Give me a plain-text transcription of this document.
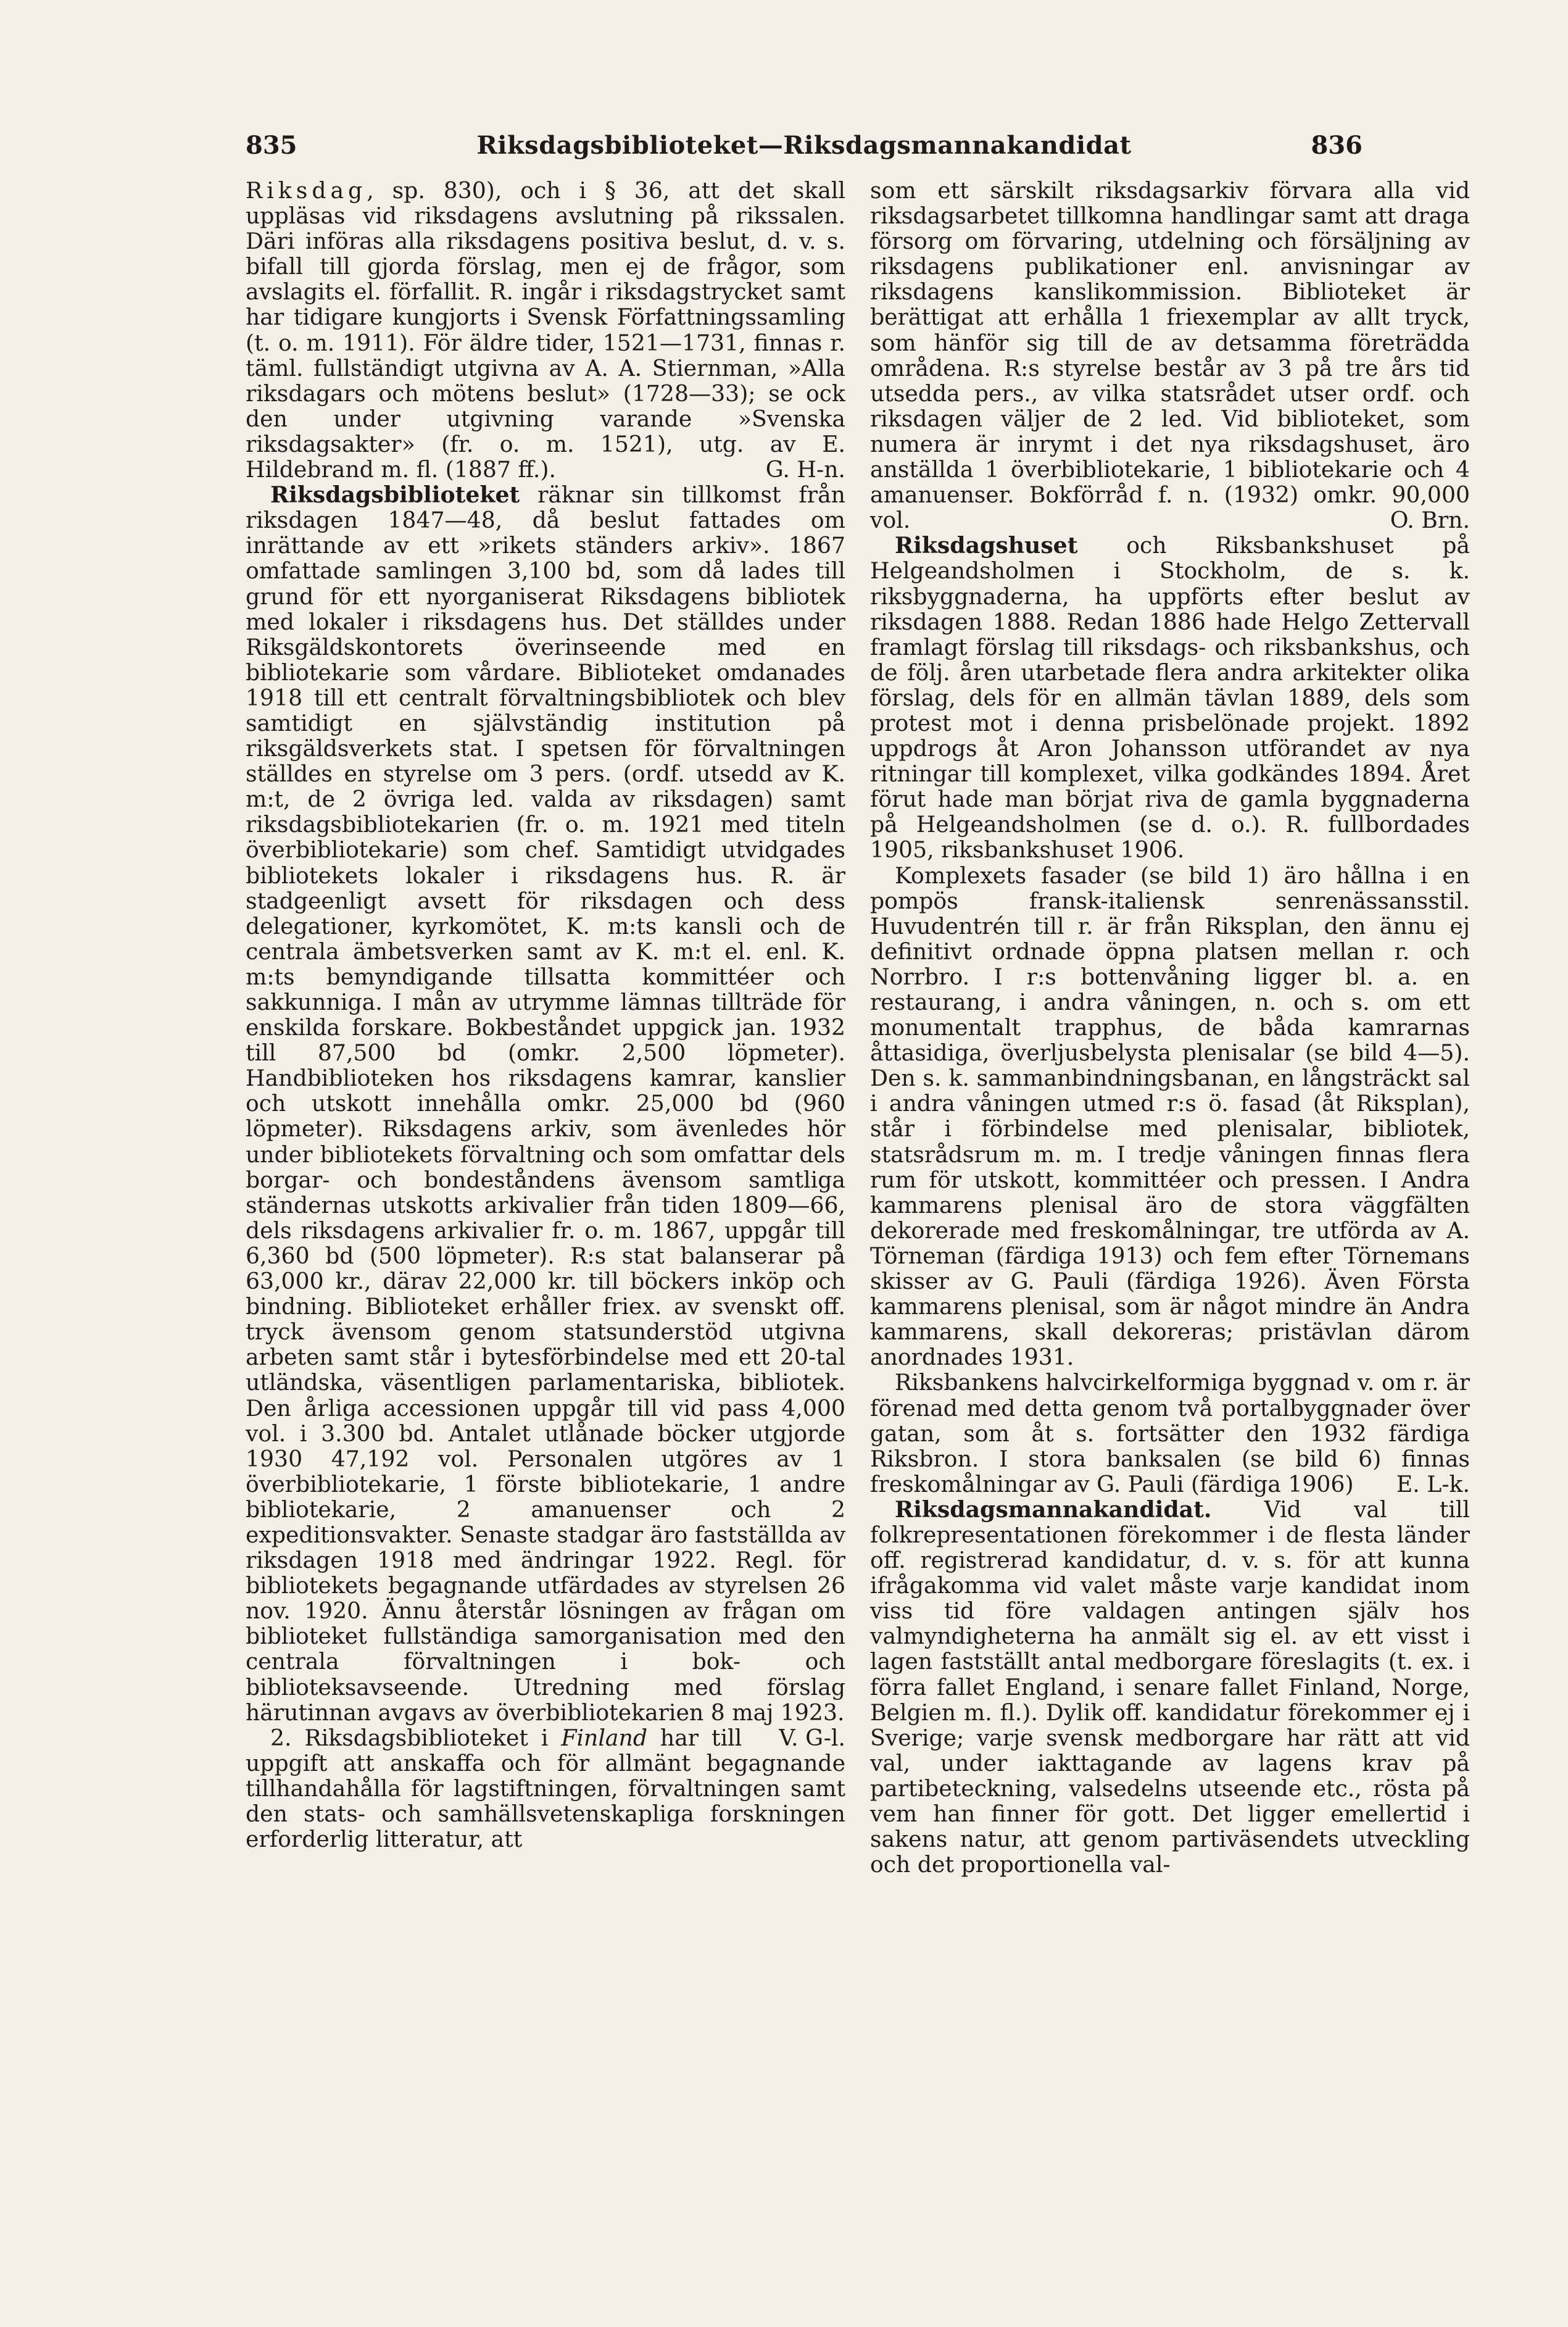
835	Riksdagsbiblioteket—Riksdagsmannakandidat	836

Riksdag, sp. 830), och i § 36, att det skall uppläsas vid riksdagens avslutning på rikssalen. Däri införas alla riksdagens positiva beslut, d. v. s. bifall till gjorda förslag, men ej de frågor, som avslagits el. förfallit. R. ingår i riksdagstrycket samt har tidigare kungjorts i Svensk Författningssamling (t. o. m. 1911). För äldre tider, 1521—1731, finnas r. täml. fullständigt utgivna av A. A. Stiernman, »Alla riksdagars och mötens beslut» (1728—33); se ock den under utgivning varande »Svenska riksdagsakter» (fr. o. m. 1521), utg. av E. Hildebrand m. fl. (1887 ff.).	G. H-n.

Riksdagsbiblioteket räknar sin tillkomst från riksdagen 1847—48, då beslut fattades om inrättande av ett »rikets ständers arkiv». 1867 omfattade samlingen 3,100 bd, som då lades till grund för ett nyorganiserat Riksdagens bibliotek med lokaler i riksdagens hus. Det ställdes under Riksgäldskontorets överinseende med en bibliotekarie som vårdare. Biblioteket omdanades 1918 till ett centralt förvaltningsbibliotek och blev samtidigt en självständig institution på riksgäldsverkets stat. I spetsen för förvaltningen ställdes en styrelse om 3 pers. (ordf. utsedd av K. m:t, de 2 övriga led. valda av riksdagen) samt riksdagsbibliotekarien (fr. o. m. 1921 med titeln överbibliotekarie) som chef. Samtidigt utvidgades bibliotekets lokaler i riksdagens hus. R. är stadgeenligt avsett för riksdagen och dess delegationer, kyrkomötet, K. m:ts kansli och de centrala ämbetsverken samt av K. m:t el. enl. K. m:ts bemyndigande tillsatta kommittéer och sakkunniga. I mån av utrymme lämnas tillträde för enskilda forskare. Bokbeståndet uppgick jan. 1932 till 87,500 bd (omkr. 2,500 löpmeter). Handbiblioteken hos riksdagens kamrar, kanslier och utskott innehålla omkr. 25,000 bd (960 löpmeter). Riksdagens arkiv, som ävenledes hör under bibliotekets förvaltning och som omfattar dels borgar- och bondeståndens ävensom samtliga ständernas utskotts arkivalier från tiden 1809—66, dels riksdagens arkivalier fr. o. m. 1867, uppgår till 6,360 bd (500 löpmeter). R:s stat balanserar på 63,000 kr., därav 22,000 kr. till böckers inköp och bindning. Biblioteket erhåller friex. av svenskt off. tryck ävensom genom statsunderstöd utgivna arbeten samt står i bytesförbindelse med ett 20-tal utländska, väsentligen parlamentariska, bibliotek. Den årliga accessionen uppgår till vid pass 4,000 vol. i 3.300 bd. Antalet utlånade böcker utgjorde 1930 47,192 vol. Personalen utgöres av 1 överbibliotekarie, 1 förste bibliotekarie, 1 andre bibliotekarie, 2 amanuenser och 2 expeditionsvakter. Senaste stadgar äro fastställda av riksdagen 1918 med ändringar 1922. Regl. för bibliotekets begagnande utfärdades av styrelsen 26 nov. 1920. Ännu återstår lösningen av frågan om biblioteket fullständiga samorganisation med den centrala förvaltningen i bok- och biblioteksavseende. Utredning med förslag härutinnan avgavs av överbibliotekarien 8 maj 1923.
V. G-l.

2. Riksdagsbiblioteket i Finland har till uppgift att anskaffa och för allmänt begagnande tillhandahålla för lagstiftningen, förvaltningen samt den stats- och samhällsvetenskapliga forskningen erforderlig litteratur, att

som ett särskilt riksdagsarkiv förvara alla vid riksdagsarbetet tillkomna handlingar samt att draga försorg om förvaring, utdelning och försäljning av riksdagens publikationer enl. anvisningar av riksdagens kanslikommission. Biblioteket är berättigat att erhålla 1 friexemplar av allt tryck, som hänför sig till de av detsamma företrädda områdena. R:s styrelse består av 3 på tre års tid utsedda pers., av vilka statsrådet utser ordf. och riksdagen väljer de 2 led. Vid biblioteket, som numera är inrymt i det nya riksdagshuset, äro anställda 1 överbibliotekarie, 1 bibliotekarie och 4 amanuenser. Bokförråd f. n. (1932) omkr. 90,000 vol.	O. Brn.

Riksdagshuset och Riksbankshuset på Helgeandsholmen i Stockholm, de s. k. riksbyggnaderna, ha uppförts efter beslut av riksdagen 1888. Redan 1886 hade Helgo Zettervall framlagt förslag till riksdags- och riksbankshus, och de följ. åren utarbetade flera andra arkitekter olika förslag, dels för en allmän tävlan 1889, dels som protest mot i denna prisbelönade projekt. 1892 uppdrogs åt Aron Johansson utförandet av nya ritningar till komplexet, vilka godkändes 1894. Året förut hade man börjat riva de gamla byggnaderna på Helgeandsholmen (se d. o.). R. fullbordades 1905, riksbankshuset 1906.

Komplexets fasader (se bild 1) äro hållna i en pompös fransk-italiensk senrenässansstil. Huvudentrén till r. är från Riksplan, den ännu ej definitivt ordnade öppna platsen mellan r. och Norrbro. I r:s bottenvåning ligger bl. a. en restaurang, i andra våningen, n. och s. om ett monumentalt trapphus, de båda kamrarnas åttasidiga, överljusbelysta plenisalar (se bild 4—5). Den s. k. sammanbindningsbanan, en långsträckt sal i andra våningen utmed r:s ö. fasad (åt Riksplan), står i förbindelse med plenisalar, bibliotek, statsrådsrum m. m. I tredje våningen finnas flera rum för utskott, kommittéer och pressen. I Andra kammarens plenisal äro de stora väggfälten dekorerade med freskomålningar, tre utförda av A. Törneman (färdiga 1913) och fem efter Törnemans skisser av G. Pauli (färdiga 1926). Även Första kammarens plenisal, som är något mindre än Andra kammarens, skall dekoreras; pristävlan därom anordnades 1931.

Riksbankens halvcirkelformiga byggnad v. om r. är förenad med detta genom två portalbyggnader över gatan, som åt s. fortsätter den 1932 färdiga Riksbron. I stora banksalen (se bild 6) finnas freskomålningar av G. Pauli (färdiga 1906)	E. L-k.

Riksdagsmannakandidat. Vid val till folkrepresentationen förekommer i de flesta länder off. registrerad kandidatur, d. v. s. för att kunna ifrågakomma vid valet måste varje kandidat inom viss tid före valdagen antingen själv hos valmyndigheterna ha anmält sig el. av ett visst i lagen fastställt antal medborgare föreslagits (t. ex. i förra fallet England, i senare fallet Finland, Norge, Belgien m. fl.). Dylik off. kandidatur förekommer ej i Sverige; varje svensk medborgare har rätt att vid val, under iakttagande av lagens krav på partibeteckning, valsedelns utseende etc., rösta på vem han finner för gott. Det ligger emellertid i sakens natur, att genom partiväsendets utveckling och det proportionella val-
